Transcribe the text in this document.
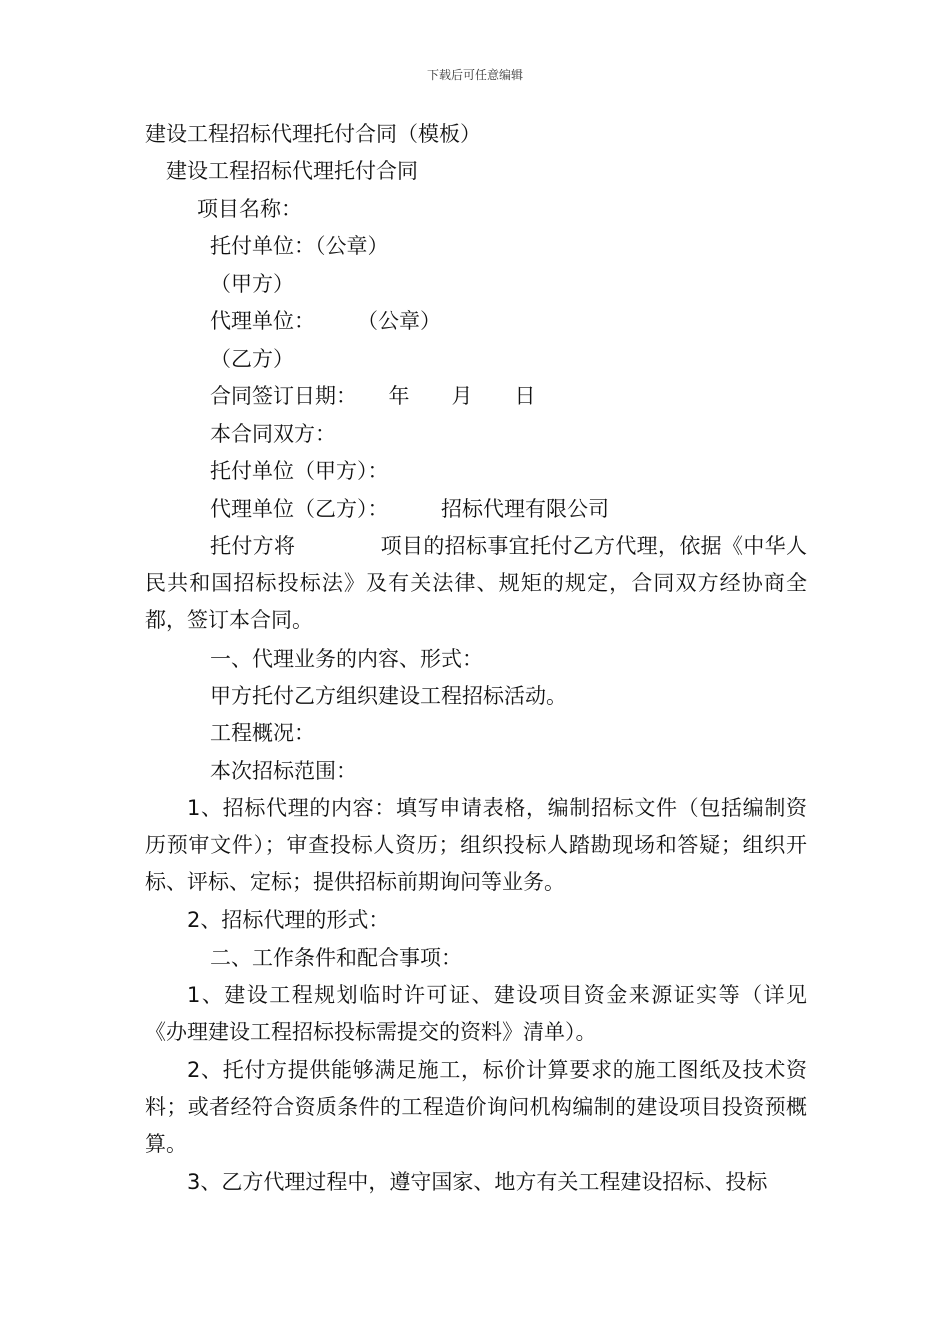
下载后可任意编辑
建设工程招标代理托付合同（模板）
建设工程招标代理托付合同
项目名称：
托付单位：（公章）
（甲方）
代理单位：　　　（公章）
（乙方）
合同签订日期：　　年　　月　　日
本合同双方：
托付单位（甲方）：
代理单位（乙方）：　　　招标代理有限公司
托付方将　　　　项目的招标事宜托付乙方代理，依据《中华人民共和国招标投标法》及有关法律、规矩的规定，合同双方经协商全都，签订本合同。
一、代理业务的内容、形式：
甲方托付乙方组织建设工程招标活动。
工程概况：
本次招标范围：
1、招标代理的内容：填写申请表格，编制招标文件（包括编制资历预审文件）；审查投标人资历；组织投标人踏勘现场和答疑；组织开标、评标、定标；提供招标前期询问等业务。
2、招标代理的形式：
二、工作条件和配合事项：
1、建设工程规划临时许可证、建设项目资金来源证实等（详见《办理建设工程招标投标需提交的资料》清单）。
2、托付方提供能够满足施工，标价计算要求的施工图纸及技术资料；或者经符合资质条件的工程造价询问机构编制的建设项目投资预概算。
3、乙方代理过程中，遵守国家、地方有关工程建设招标、投标
